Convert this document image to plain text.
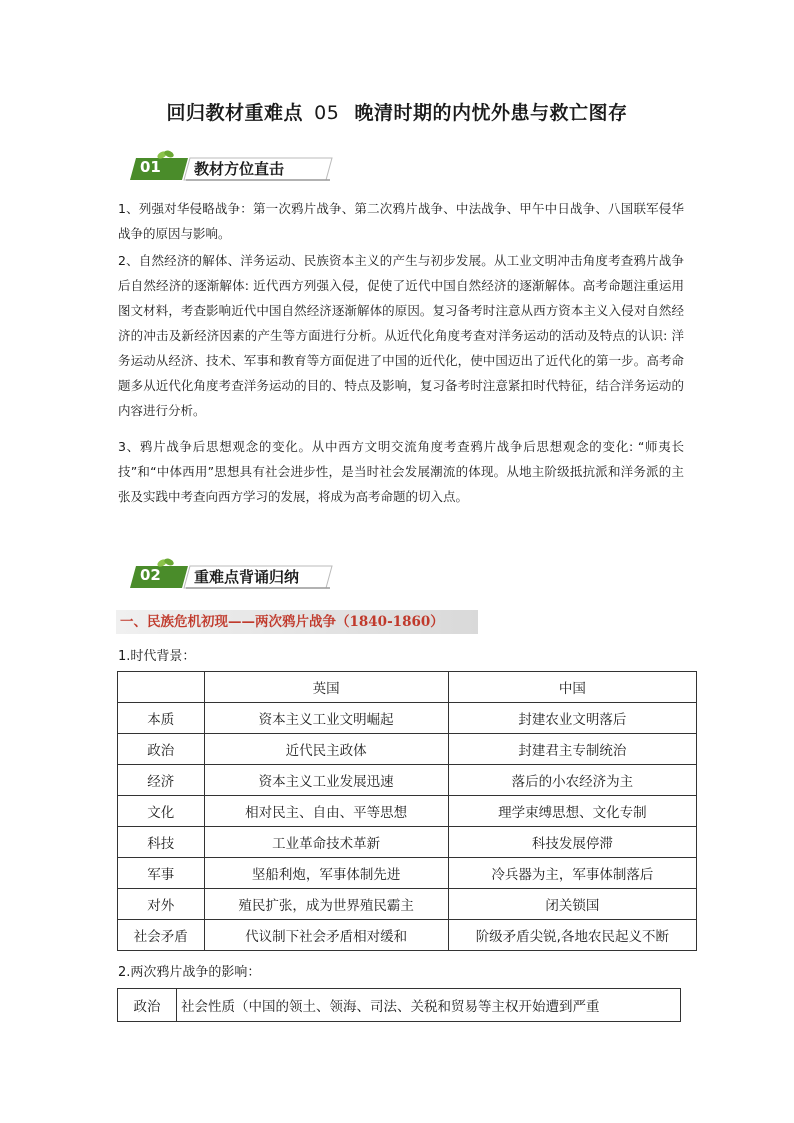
回归教材重难点 05 晚清时期的内忧外患与救亡图存
01 教材方位直击
1、列强对华侵略战争：第一次鸦片战争、第二次鸦片战争、中法战争、甲午中日战争、八国联军侵华战争的原因与影响。
2、自然经济的解体、洋务运动、民族资本主义的产生与初步发展。从工业文明冲击角度考查鸦片战争后自然经济的逐渐解体: 近代西方列强入侵，促使了近代中国自然经济的逐渐解体。高考命题注重运用图文材料，考查影响近代中国自然经济逐渐解体的原因。复习备考时注意从西方资本主义入侵对自然经济的冲击及新经济因素的产生等方面进行分析。从近代化角度考查对洋务运动的活动及特点的认识: 洋务运动从经济、技术、军事和教育等方面促进了中国的近代化，使中国迈出了近代化的第一步。高考命题多从近代化角度考查洋务运动的目的、特点及影响，复习备考时注意紧扣时代特征，结合洋务运动的内容进行分析。
3、鸦片战争后思想观念的变化。从中西方文明交流角度考查鸦片战争后思想观念的变化: “师夷长技”和“中体西用”思想具有社会进步性，是当时社会发展潮流的体现。从地主阶级抵抗派和洋务派的主张及实践中考查向西方学习的发展，将成为高考命题的切入点。
02 重难点背诵归纳
一、民族危机初现——两次鸦片战争（1840-1860）
1.时代背景：
	英国	中国
本质	资本主义工业文明崛起	封建农业文明落后
政治	近代民主政体	封建君主专制统治
经济	资本主义工业发展迅速	落后的小农经济为主
文化	相对民主、自由、平等思想	理学束缚思想、文化专制
科技	工业革命技术革新	科技发展停滞
军事	坚船利炮，军事体制先进	冷兵器为主，军事体制落后
对外	殖民扩张，成为世界殖民霸主	闭关锁国
社会矛盾	代议制下社会矛盾相对缓和	阶级矛盾尖锐,各地农民起义不断
2.两次鸦片战争的影响：
政治	社会性质（中国的领土、领海、司法、关税和贸易等主权开始遭到严重
